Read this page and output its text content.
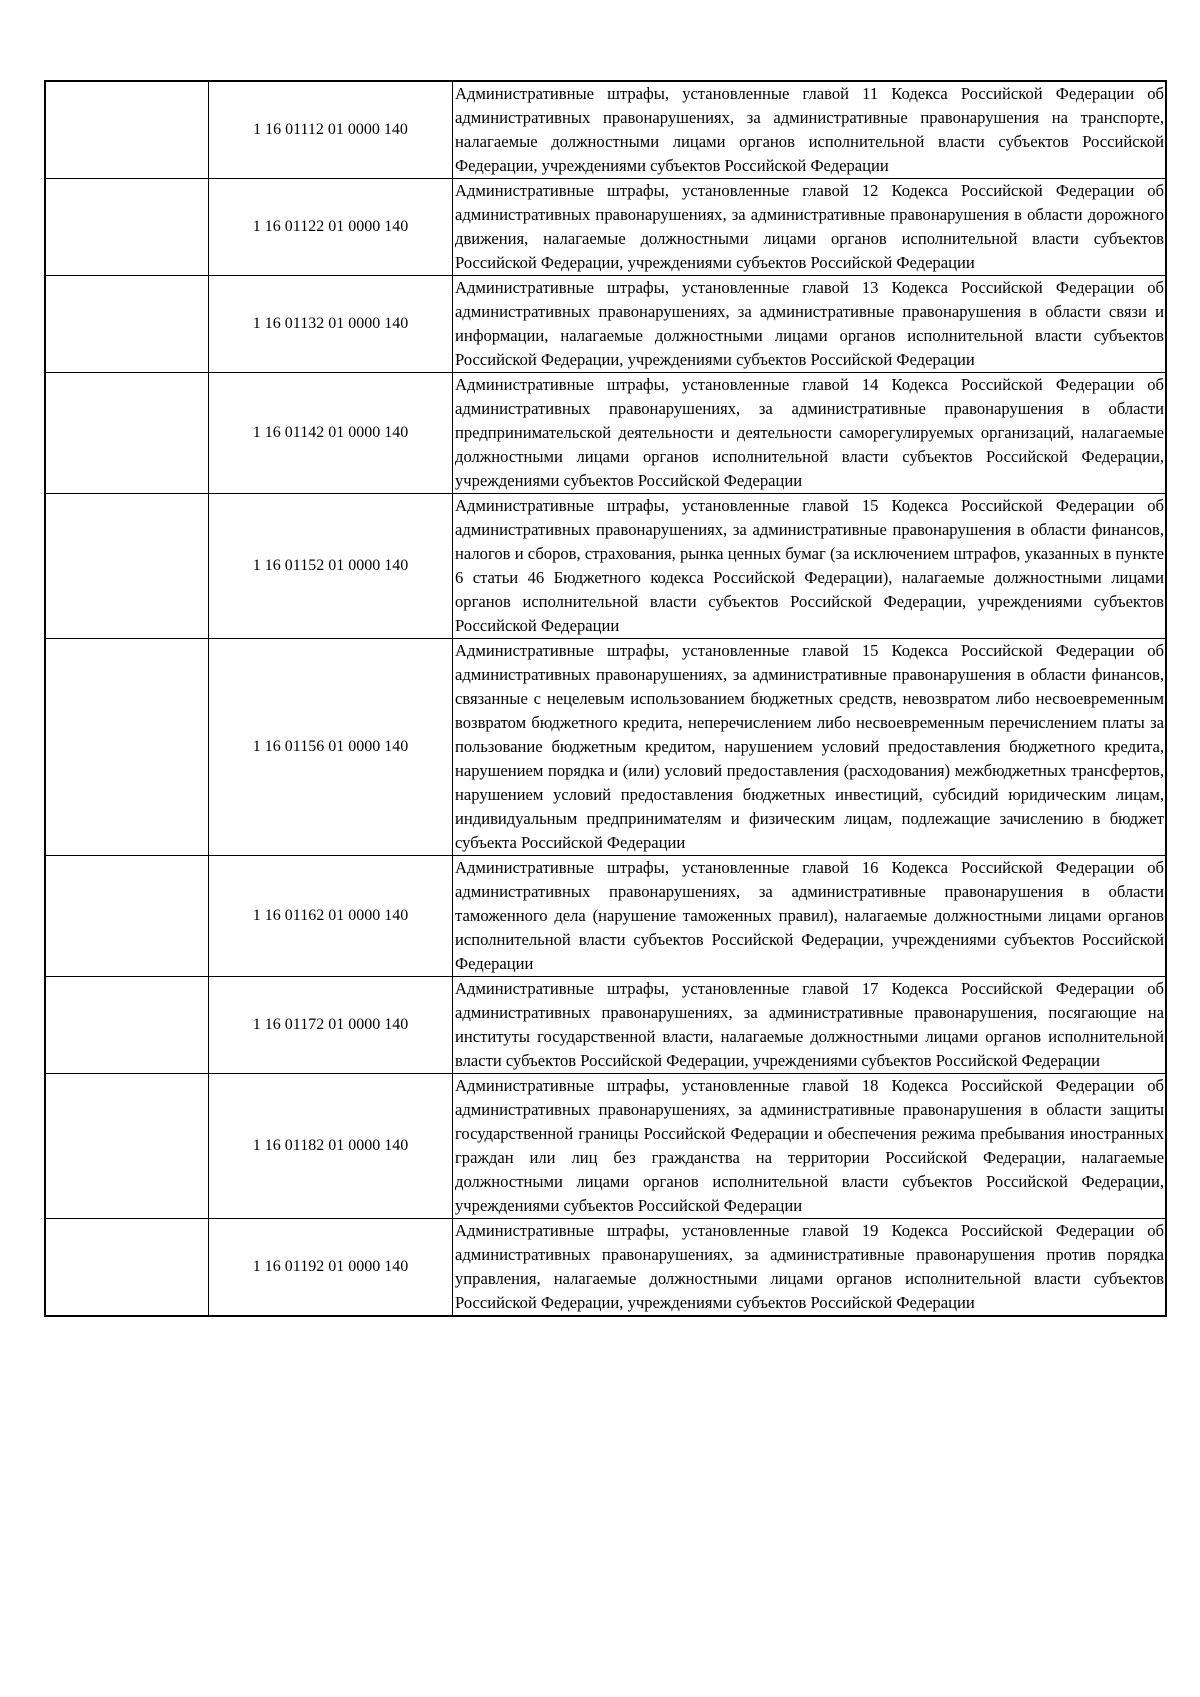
	1 16 01112 01 0000 140	Административные штрафы, установленные главой 11 Кодекса Российской Федерации об административных правонарушениях, за административные правонарушения на транспорте, налагаемые должностными лицами органов исполнительной власти субъектов Российской Федерации, учреждениями субъектов Российской Федерации

	1 16 01122 01 0000 140	Административные штрафы, установленные главой 12 Кодекса Российской Федерации об административных правонарушениях, за административные правонарушения в области дорожного движения, налагаемые должностными лицами органов исполнительной власти субъектов Российской Федерации, учреждениями субъектов Российской Федерации

	1 16 01132 01 0000 140	Административные штрафы, установленные главой 13 Кодекса Российской Федерации об административных правонарушениях, за административные правонарушения в области связи и информации, налагаемые должностными лицами органов исполнительной власти субъектов Российской Федерации, учреждениями субъектов Российской Федерации

	1 16 01142 01 0000 140	Административные штрафы, установленные главой 14 Кодекса Российской Федерации об административных правонарушениях, за административные правонарушения в области предпринимательской деятельности и деятельности саморегулируемых организаций, налагаемые должностными лицами органов исполнительной власти субъектов Российской Федерации, учреждениями субъектов Российской Федерации

	1 16 01152 01 0000 140	Административные штрафы, установленные главой 15 Кодекса Российской Федерации об административных правонарушениях, за административные правонарушения в области финансов, налогов и сборов, страхования, рынка ценных бумаг (за исключением штрафов, указанных в пункте 6 статьи 46 Бюджетного кодекса Российской Федерации), налагаемые должностными лицами органов исполнительной власти субъектов Российской Федерации, учреждениями субъектов Российской Федерации

	1 16 01156 01 0000 140	Административные штрафы, установленные главой 15 Кодекса Российской Федерации об административных правонарушениях, за административные правонарушения в области финансов, связанные с нецелевым использованием бюджетных средств, невозвратом либо несвоевременным возвратом бюджетного кредита, неперечислением либо несвоевременным перечислением платы за пользование бюджетным кредитом, нарушением условий предоставления бюджетного кредита, нарушением порядка и (или) условий предоставления (расходования) межбюджетных трансфертов, нарушением условий предоставления бюджетных инвестиций, субсидий юридическим лицам, индивидуальным предпринимателям и физическим лицам, подлежащие зачислению в бюджет субъекта Российской Федерации

	1 16 01162 01 0000 140	Административные штрафы, установленные главой 16 Кодекса Российской Федерации об административных правонарушениях, за административные правонарушения в области таможенного дела (нарушение таможенных правил), налагаемые должностными лицами органов исполнительной власти субъектов Российской Федерации, учреждениями субъектов Российской Федерации

	1 16 01172 01 0000 140	Административные штрафы, установленные главой 17 Кодекса Российской Федерации об административных правонарушениях, за административные правонарушения, посягающие на институты государственной власти, налагаемые должностными лицами органов исполнительной власти субъектов Российской Федерации, учреждениями субъектов Российской Федерации

	1 16 01182 01 0000 140	Административные штрафы, установленные главой 18 Кодекса Российской Федерации об административных правонарушениях, за административные правонарушения в области защиты государственной границы Российской Федерации и обеспечения режима пребывания иностранных граждан или лиц без гражданства на территории Российской Федерации, налагаемые должностными лицами органов исполнительной власти субъектов Российской Федерации, учреждениями субъектов Российской Федерации

	1 16 01192 01 0000 140	Административные штрафы, установленные главой 19 Кодекса Российской Федерации об административных правонарушениях, за административные правонарушения против порядка управления, налагаемые должностными лицами органов исполнительной власти субъектов Российской Федерации, учреждениями субъектов Российской Федерации
